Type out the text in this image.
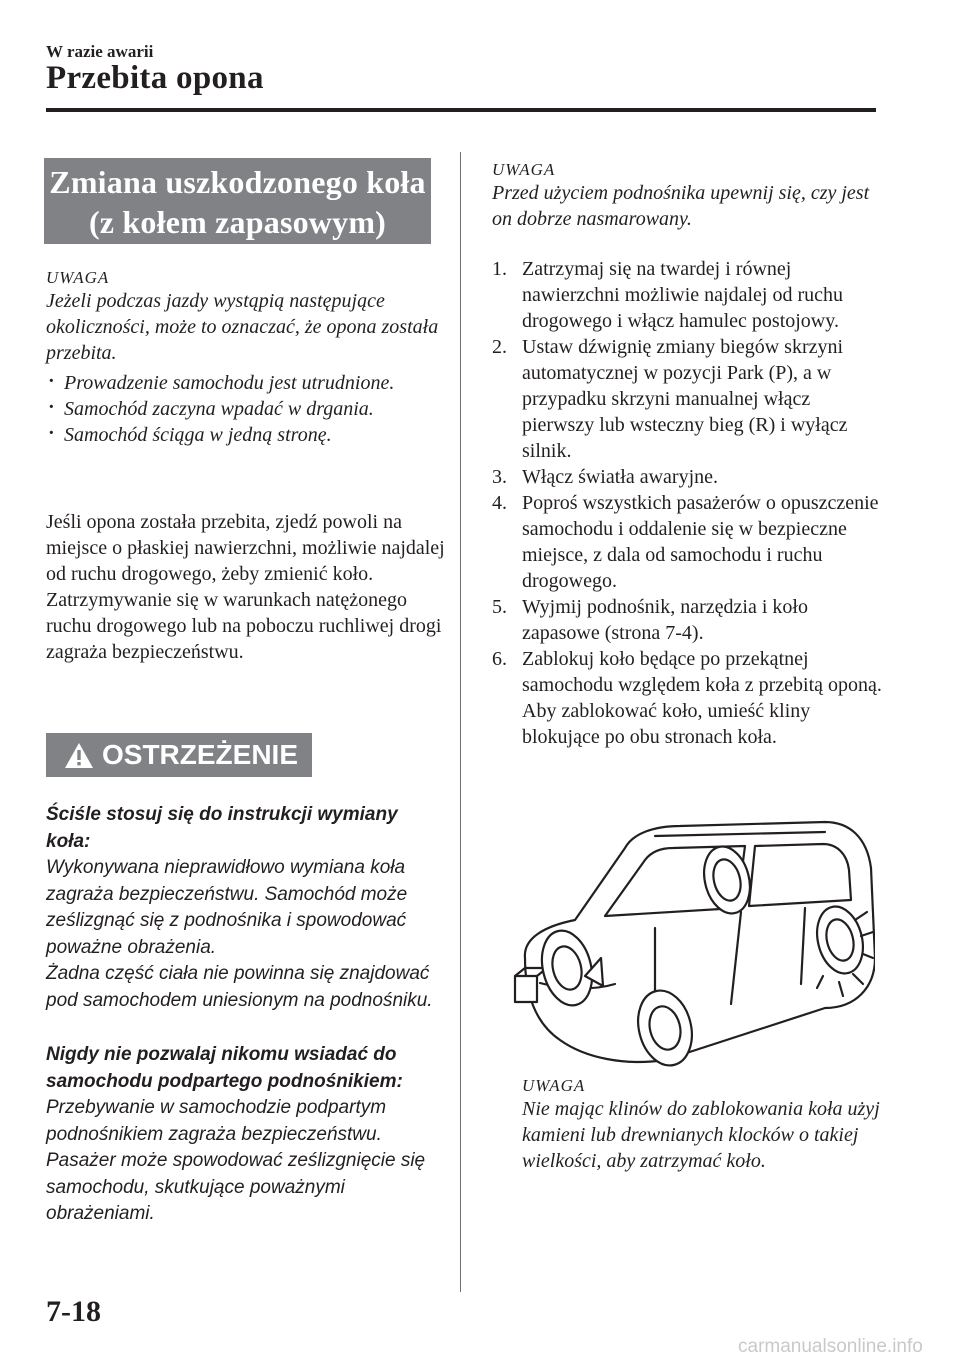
W razie awarii
Przebita opona
Zmiana uszkodzonego koła
(z kołem zapasowym)
UWAGA
Jeżeli podczas jazdy wystąpią następujące okoliczności, może to oznaczać, że opona została przebita.
· Prowadzenie samochodu jest utrudnione.
· Samochód zaczyna wpadać w drgania.
· Samochód ściąga w jedną stronę.
Jeśli opona została przebita, zjedź powoli na miejsce o płaskiej nawierzchni, możliwie najdalej od ruchu drogowego, żeby zmienić koło.
Zatrzymywanie się w warunkach natężonego ruchu drogowego lub na poboczu ruchliwej drogi zagraża bezpieczeństwu.
OSTRZEŻENIE
Ściśle stosuj się do instrukcji wymiany koła:
Wykonywana nieprawidłowo wymiana koła zagraża bezpieczeństwu. Samochód może ześlizgnąć się z podnośnika i spowodować poważne obrażenia.
Żadna część ciała nie powinna się znajdować pod samochodem uniesionym na podnośniku.
Nigdy nie pozwalaj nikomu wsiadać do samochodu podpartego podnośnikiem:
Przebywanie w samochodzie podpartym podnośnikiem zagraża bezpieczeństwu. Pasażer może spowodować ześlizgnięcie się samochodu, skutkujące poważnymi obrażeniami.
UWAGA
Przed użyciem podnośnika upewnij się, czy jest on dobrze nasmarowany.
1. Zatrzymaj się na twardej i równej nawierzchni możliwie najdalej od ruchu drogowego i włącz hamulec postojowy.
2. Ustaw dźwignię zmiany biegów skrzyni automatycznej w pozycji Park (P), a w przypadku skrzyni manualnej włącz pierwszy lub wsteczny bieg (R) i wyłącz silnik.
3. Włącz światła awaryjne.
4. Poproś wszystkich pasażerów o opuszczenie samochodu i oddalenie się w bezpieczne miejsce, z dala od samochodu i ruchu drogowego.
5. Wyjmij podnośnik, narzędzia i koło zapasowe (strona 7-4).
6. Zablokuj koło będące po przekątnej samochodu względem koła z przebitą oponą. Aby zablokować koło, umieść kliny blokujące po obu stronach koła.
UWAGA
Nie mając klinów do zablokowania koła użyj kamieni lub drewnianych klocków o takiej wielkości, aby zatrzymać koło.
7-18
carmanualsonline.info
